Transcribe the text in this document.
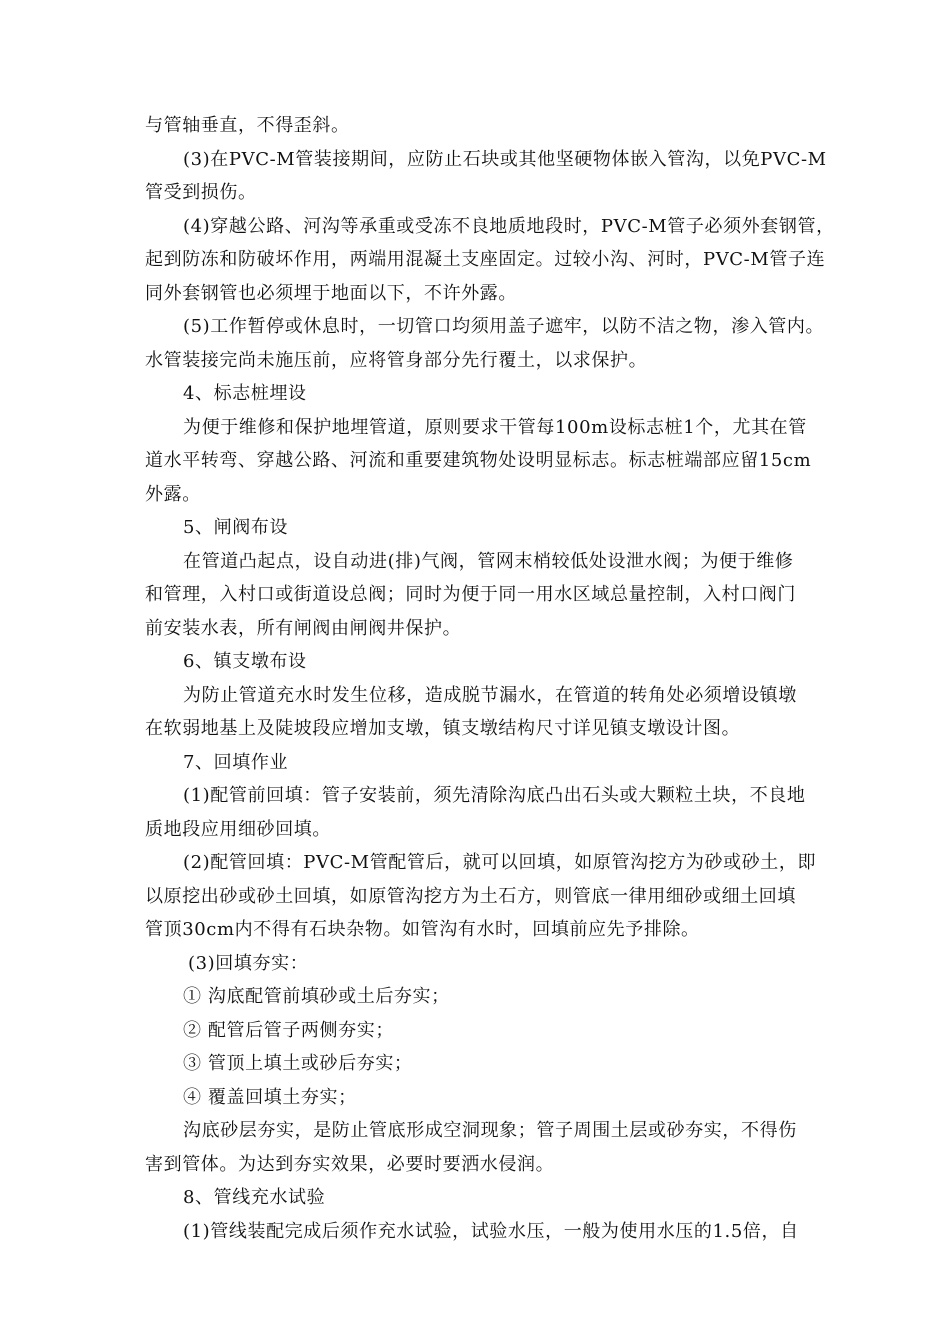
与管轴垂直，不得歪斜。
(3)在PVC-M管装接期间，应防止石块或其他坚硬物体嵌入管沟，以免PVC-M
管受到损伤。
(4)穿越公路、河沟等承重或受冻不良地质地段时，PVC-M管子必须外套钢管，
起到防冻和防破坏作用，两端用混凝土支座固定。过较小沟、河时，PVC-M管子连
同外套钢管也必须埋于地面以下，不许外露。
(5)工作暂停或休息时，一切管口均须用盖子遮牢，以防不洁之物，渗入管内。
水管装接完尚未施压前，应将管身部分先行覆土，以求保护。
4、标志桩埋设
为便于维修和保护地埋管道，原则要求干管每100m设标志桩1个，尤其在管
道水平转弯、穿越公路、河流和重要建筑物处设明显标志。标志桩端部应留15cm
外露。
5、闸阀布设
在管道凸起点，设自动进(排)气阀，管网末梢较低处设泄水阀；为便于维修
和管理，入村口或街道设总阀；同时为便于同一用水区域总量控制，入村口阀门
前安装水表，所有闸阀由闸阀井保护。
6、镇支墩布设
为防止管道充水时发生位移，造成脱节漏水，在管道的转角处必须增设镇墩
在软弱地基上及陡坡段应增加支墩，镇支墩结构尺寸详见镇支墩设计图。
7、回填作业
(1)配管前回填：管子安装前，须先清除沟底凸出石头或大颗粒土块，不良地
质地段应用细砂回填。
(2)配管回填：PVC-M管配管后，就可以回填，如原管沟挖方为砂或砂土，即
以原挖出砂或砂土回填，如原管沟挖方为土石方，则管底一律用细砂或细土回填
管顶30cm内不得有石块杂物。如管沟有水时，回填前应先予排除。
(3)回填夯实：
① 沟底配管前填砂或土后夯实；
② 配管后管子两侧夯实；
③ 管顶上填土或砂后夯实；
④ 覆盖回填土夯实；
沟底砂层夯实，是防止管底形成空洞现象；管子周围土层或砂夯实，不得伤
害到管体。为达到夯实效果，必要时要洒水侵润。
8、管线充水试验
(1)管线装配完成后须作充水试验，试验水压，一般为使用水压的1.5倍，自
